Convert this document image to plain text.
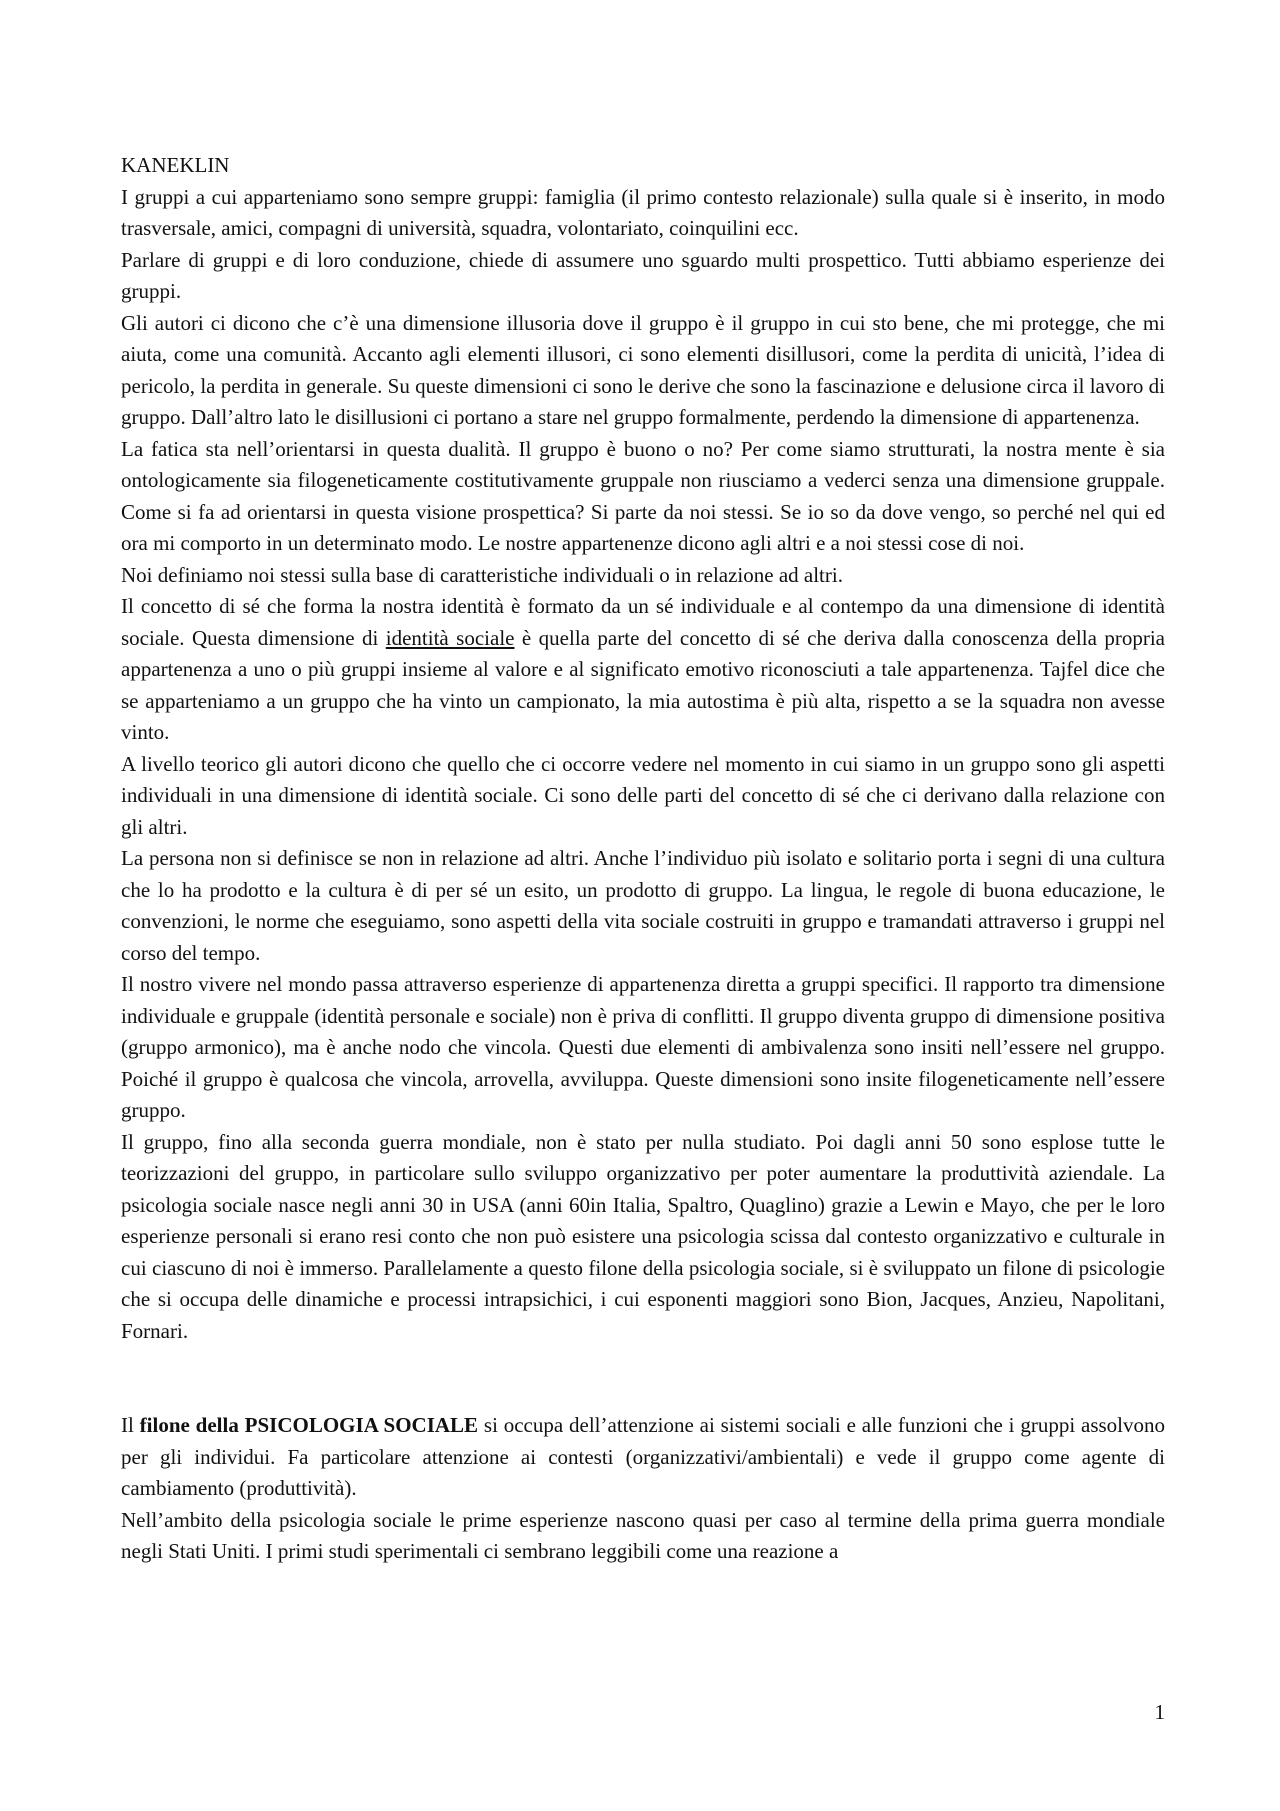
KANEKLIN

I gruppi a cui apparteniamo sono sempre gruppi: famiglia (il primo contesto relazionale) sulla quale si è inserito, in modo trasversale, amici, compagni di università, squadra, volontariato, coinquilini ecc.

Parlare di gruppi e di loro conduzione, chiede di assumere uno sguardo multi prospettico. Tutti abbiamo esperienze dei gruppi.

Gli autori ci dicono che c’è una dimensione illusoria dove il gruppo è il gruppo in cui sto bene, che mi protegge, che mi aiuta, come una comunità. Accanto agli elementi illusori, ci sono elementi disillusori, come la perdita di unicità, l’idea di pericolo, la perdita in generale. Su queste dimensioni ci sono le derive che sono la fascinazione e delusione circa il lavoro di gruppo. Dall’altro lato le disillusioni ci portano a stare nel gruppo formalmente, perdendo la dimensione di appartenenza.

La fatica sta nell’orientarsi in questa dualità. Il gruppo è buono o no? Per come siamo strutturati, la nostra mente è sia ontologicamente sia filogeneticamente costitutivamente gruppale non riusciamo a vederci senza una dimensione gruppale. Come si fa ad orientarsi in questa visione prospettica? Si parte da noi stessi. Se io so da dove vengo, so perché nel qui ed ora mi comporto in un determinato modo. Le nostre appartenenze dicono agli altri e a noi stessi cose di noi.

Noi definiamo noi stessi sulla base di caratteristiche individuali o in relazione ad altri.

Il concetto di sé che forma la nostra identità è formato da un sé individuale e al contempo da una dimensione di identità sociale. Questa dimensione di identità sociale è quella parte del concetto di sé che deriva dalla conoscenza della propria appartenenza a uno o più gruppi insieme al valore e al significato emotivo riconosciuti a tale appartenenza. Tajfel dice che se apparteniamo a un gruppo che ha vinto un campionato, la mia autostima è più alta, rispetto a se la squadra non avesse vinto.

A livello teorico gli autori dicono che quello che ci occorre vedere nel momento in cui siamo in un gruppo sono gli aspetti individuali in una dimensione di identità sociale. Ci sono delle parti del concetto di sé che ci derivano dalla relazione con gli altri.

La persona non si definisce se non in relazione ad altri. Anche l’individuo più isolato e solitario porta i segni di una cultura che lo ha prodotto e la cultura è di per sé un esito, un prodotto di gruppo. La lingua, le regole di buona educazione, le convenzioni, le norme che eseguiamo, sono aspetti della vita sociale costruiti in gruppo e tramandati attraverso i gruppi nel corso del tempo.

Il nostro vivere nel mondo passa attraverso esperienze di appartenenza diretta a gruppi specifici. Il rapporto tra dimensione individuale e gruppale (identità personale e sociale) non è priva di conflitti. Il gruppo diventa gruppo di dimensione positiva (gruppo armonico), ma è anche nodo che vincola. Questi due elementi di ambivalenza sono insiti nell’essere nel gruppo. Poiché il gruppo è qualcosa che vincola, arrovella, avviluppa. Queste dimensioni sono insite filogeneticamente nell’essere gruppo.

Il gruppo, fino alla seconda guerra mondiale, non è stato per nulla studiato. Poi dagli anni 50 sono esplose tutte le teorizzazioni del gruppo, in particolare sullo sviluppo organizzativo per poter aumentare la produttività aziendale. La psicologia sociale nasce negli anni 30 in USA (anni 60in Italia, Spaltro, Quaglino) grazie a Lewin e Mayo, che per le loro esperienze personali si erano resi conto che non può esistere una psicologia scissa dal contesto organizzativo e culturale in cui ciascuno di noi è immerso. Parallelamente a questo filone della psicologia sociale, si è sviluppato un filone di psicologie che si occupa delle dinamiche e processi intrapsichici, i cui esponenti maggiori sono Bion, Jacques, Anzieu, Napolitani, Fornari.

Il filone della PSICOLOGIA SOCIALE si occupa dell’attenzione ai sistemi sociali e alle funzioni che i gruppi assolvono per gli individui. Fa particolare attenzione ai contesti (organizzativi/ambientali) e vede il gruppo come agente di cambiamento (produttività).

Nell’ambito della psicologia sociale le prime esperienze nascono quasi per caso al termine della prima guerra mondiale negli Stati Uniti. I primi studi sperimentali ci sembrano leggibili come una reazione a

1
